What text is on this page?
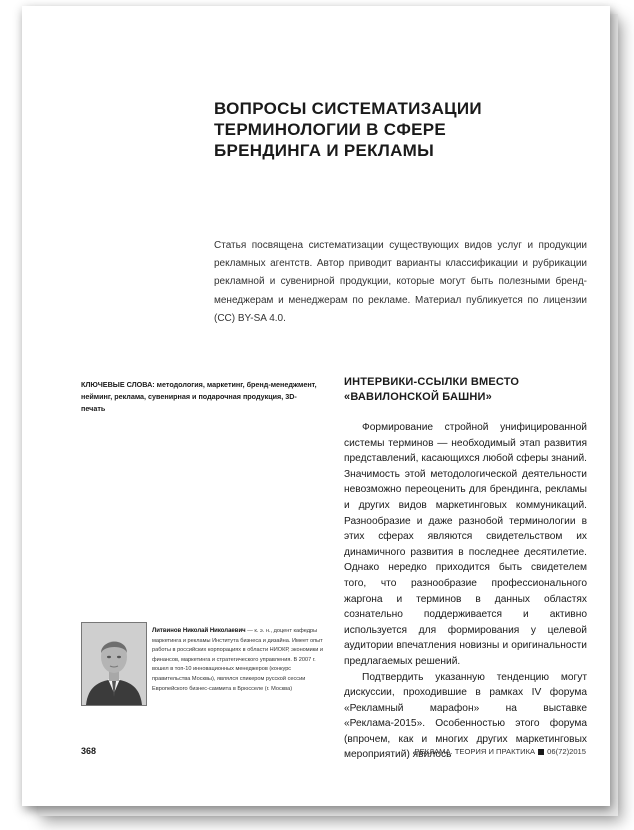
ВОПРОСЫ СИСТЕМАТИЗАЦИИ ТЕРМИНОЛОГИИ В СФЕРЕ БРЕНДИНГА И РЕКЛАМЫ

Статья посвящена систематизации существующих видов услуг и продукции рекламных агентств. Автор приводит варианты классификации и рубрикации рекламной и сувенирной продукции, которые могут быть полезными бренд-менеджерам и менеджерам по рекламе. Материал публикуется по лицензии (CC) BY-SA 4.0.

КЛЮЧЕВЫЕ СЛОВА: методология, маркетинг, бренд-менеджмент, нейминг, реклама, сувенирная и подарочная продукция, 3D-печать

ИНТЕРВИКИ-ССЫЛКИ ВМЕСТО «ВАВИЛОНСКОЙ БАШНИ»

Формирование стройной унифицированной системы терминов — необходимый этап развития представлений, касающихся любой сферы знаний. Значимость этой методологической деятельности невозможно переоценить для брендинга, рекламы и других видов маркетинговых коммуникаций. Разнообразие и даже разнобой терминологии в этих сферах являются свидетельством их динамичного развития в последнее десятилетие. Однако нередко приходится быть свидетелем того, что разнообразие профессионального жаргона и терминов в данных областях сознательно поддерживается и активно используется для формирования у целевой аудитории впечатления новизны и оригинальности предлагаемых решений.

Подтвердить указанную тенденцию могут дискуссии, проходившие в рамках IV форума «Рекламный марафон» на выставке «Реклама-2015». Особенностью этого форума (впрочем, как и многих других маркетинговых мероприятий) явилось

Литвинов Николай Николаевич — к. э. н., доцент кафедры маркетинга и рекламы Института бизнеса и дизайна. Имеет опыт работы в российских корпорациях в области НИОКР, экономики и финансов, маркетинга и стратегического управления. В 2007 г. вошел в топ-10 инновационных менеджеров (конкурс правительства Москвы), являлся спикером русской сессии Европейского бизнес-саммита в Брюсселе (г. Москва)

368	РЕКЛАМА. ТЕОРИЯ И ПРАКТИКА 06(72)2015
